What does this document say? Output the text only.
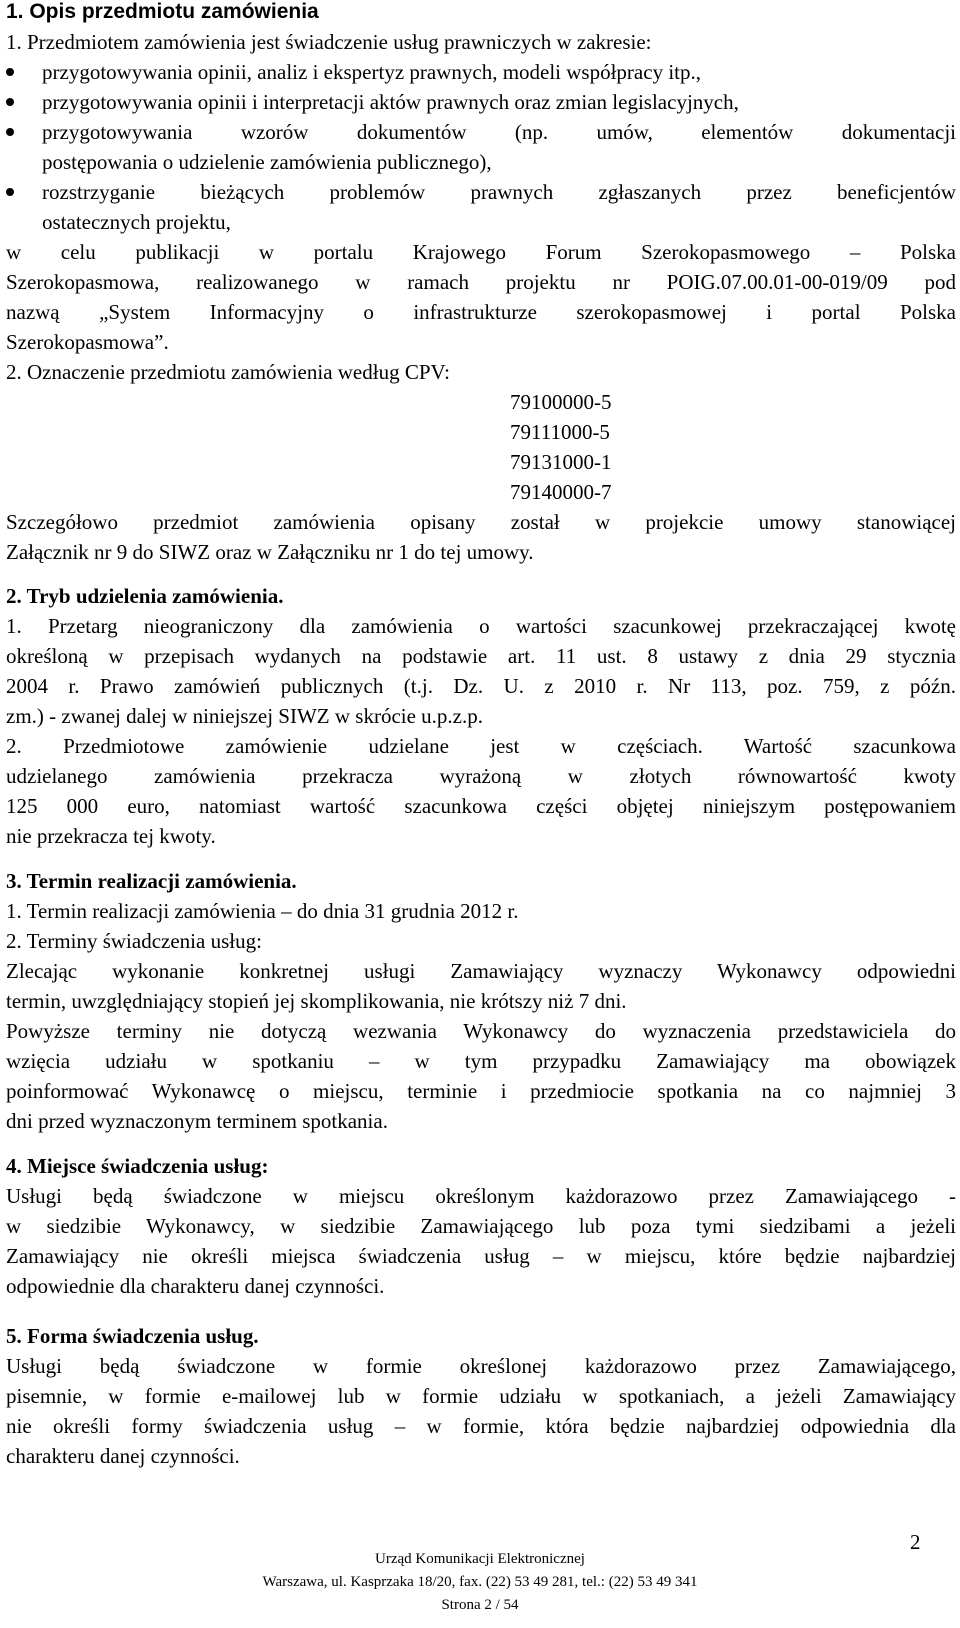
1. Opis przedmiotu zamówienia
1. Przedmiotem zamówienia jest świadczenie usług prawniczych w zakresie:
przygotowywania opinii, analiz i ekspertyz prawnych, modeli współpracy itp.,
przygotowywania opinii i interpretacji aktów prawnych oraz zmian legislacyjnych,
przygotowywania wzorów dokumentów (np. umów, elementów dokumentacji
postępowania o udzielenie zamówienia publicznego),
rozstrzyganie bieżących problemów prawnych zgłaszanych przez beneficjentów
ostatecznych projektu,
w celu publikacji w portalu Krajowego Forum Szerokopasmowego – Polska
Szerokopasmowa, realizowanego w ramach projektu nr POIG.07.00.01-00-019/09 pod
nazwą „System Informacyjny o infrastrukturze szerokopasmowej i portal Polska
Szerokopasmowa”.
2. Oznaczenie przedmiotu zamówienia według CPV:
79100000-5
79111000-5
79131000-1
79140000-7
Szczegółowo przedmiot zamówienia opisany został w projekcie umowy stanowiącej
Załącznik nr 9 do SIWZ oraz w Załączniku nr 1 do tej umowy.
2. Tryb udzielenia zamówienia.
1. Przetarg nieograniczony dla zamówienia o wartości szacunkowej przekraczającej kwotę
określoną w przepisach wydanych na podstawie art. 11 ust. 8 ustawy z dnia 29 stycznia
2004 r. Prawo zamówień publicznych (t.j. Dz. U. z 2010 r. Nr 113, poz. 759, z późn.
zm.) - zwanej dalej w niniejszej SIWZ w skrócie u.p.z.p.
2. Przedmiotowe zamówienie udzielane jest w częściach. Wartość szacunkowa
udzielanego zamówienia przekracza wyrażoną w złotych równowartość kwoty
125 000 euro, natomiast wartość szacunkowa części objętej niniejszym postępowaniem
nie przekracza tej kwoty.
3. Termin realizacji zamówienia.
1. Termin realizacji zamówienia – do dnia 31 grudnia 2012 r.
2. Terminy świadczenia usług:
Zlecając wykonanie konkretnej usługi Zamawiający wyznaczy Wykonawcy odpowiedni
termin, uwzględniający stopień jej skomplikowania, nie krótszy niż 7 dni.
Powyższe terminy nie dotyczą wezwania Wykonawcy do wyznaczenia przedstawiciela do
wzięcia udziału w spotkaniu – w tym przypadku Zamawiający ma obowiązek
poinformować Wykonawcę o miejscu, terminie i przedmiocie spotkania na co najmniej 3
dni przed wyznaczonym terminem spotkania.
4. Miejsce świadczenia usług:
Usługi będą świadczone w miejscu określonym każdorazowo przez Zamawiającego -
w siedzibie Wykonawcy, w siedzibie Zamawiającego lub poza tymi siedzibami a jeżeli
Zamawiający nie określi miejsca świadczenia usług – w miejscu, które będzie najbardziej
odpowiednie dla charakteru danej czynności.
5. Forma świadczenia usług.
Usługi będą świadczone w formie określonej każdorazowo przez Zamawiającego,
pisemnie, w formie e-mailowej lub w formie udziału w spotkaniach, a jeżeli Zamawiający
nie określi formy świadczenia usług – w formie, która będzie najbardziej odpowiednia dla
charakteru danej czynności.
2
Urząd Komunikacji Elektronicznej
Warszawa, ul. Kasprzaka 18/20, fax. (22) 53 49 281, tel.: (22) 53 49 341
Strona 2 / 54
